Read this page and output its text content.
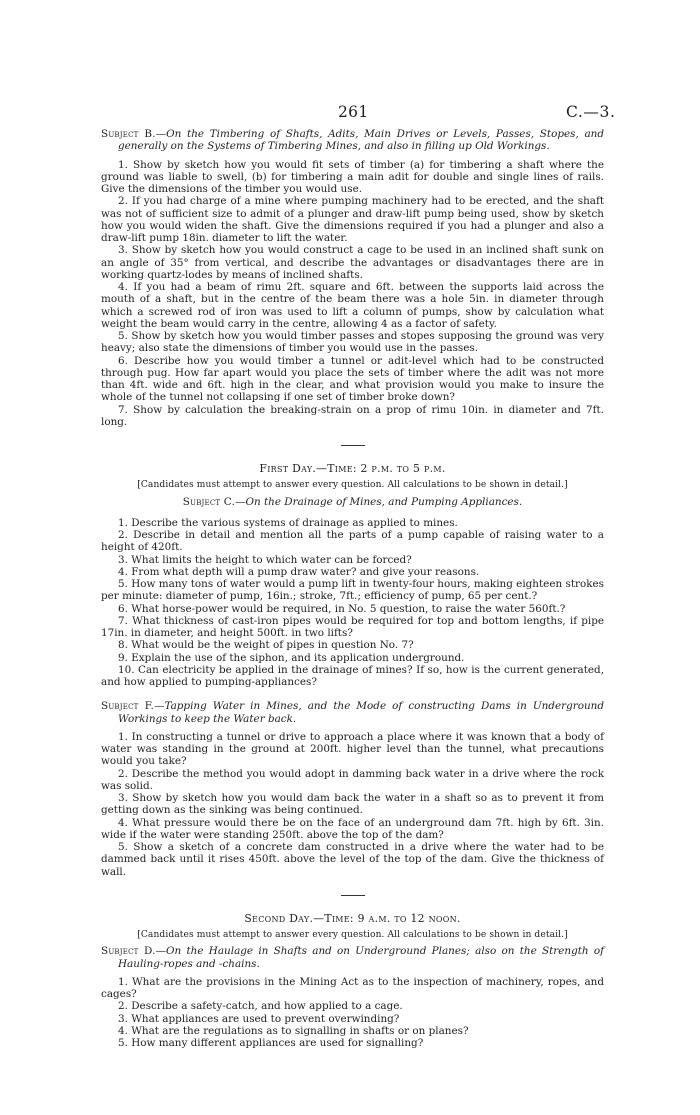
261	C.—3.

Subject B.—On the Timbering of Shafts, Adits, Main Drives or Levels, Passes, Stopes, and generally on the Systems of Timbering Mines, and also in filling up Old Workings.

1. Show by sketch how you would fit sets of timber (a) for timbering a shaft where the ground was liable to swell, (b) for timbering a main adit for double and single lines of rails. Give the dimensions of the timber you would use.

2. If you had charge of a mine where pumping machinery had to be erected, and the shaft was not of sufficient size to admit of a plunger and draw-lift pump being used, show by sketch how you would widen the shaft. Give the dimensions required if you had a plunger and also a draw-lift pump 18in. diameter to lift the water.

3. Show by sketch how you would construct a cage to be used in an inclined shaft sunk on an angle of 35° from vertical, and describe the advantages or disadvantages there are in working quartz-lodes by means of inclined shafts.

4. If you had a beam of rimu 2ft. square and 6ft. between the supports laid across the mouth of a shaft, but in the centre of the beam there was a hole 5in. in diameter through which a screwed rod of iron was used to lift a column of pumps, show by calculation what weight the beam would carry in the centre, allowing 4 as a factor of safety.

5. Show by sketch how you would timber passes and stopes supposing the ground was very heavy; also state the dimensions of timber you would use in the passes.

6. Describe how you would timber a tunnel or adit-level which had to be constructed through pug. How far apart would you place the sets of timber where the adit was not more than 4ft. wide and 6ft. high in the clear, and what provision would you make to insure the whole of the tunnel not collapsing if one set of timber broke down?

7. Show by calculation the breaking-strain on a prop of rimu 10in. in diameter and 7ft. long.

First Day.—Time: 2 p.m. to 5 p.m.

[Candidates must attempt to answer every question. All calculations to be shown in detail.]

Subject C.—On the Drainage of Mines, and Pumping Appliances.

1. Describe the various systems of drainage as applied to mines.

2. Describe in detail and mention all the parts of a pump capable of raising water to a height of 420ft.

3. What limits the height to which water can be forced?

4. From what depth will a pump draw water? and give your reasons.

5. How many tons of water would a pump lift in twenty-four hours, making eighteen strokes per minute: diameter of pump, 16in.; stroke, 7ft.; efficiency of pump, 65 per cent.?

6. What horse-power would be required, in No. 5 question, to raise the water 560ft.?

7. What thickness of cast-iron pipes would be required for top and bottom lengths, if pipe 17in. in diameter, and height 500ft. in two lifts?

8. What would be the weight of pipes in question No. 7?

9. Explain the use of the siphon, and its application underground.

10. Can electricity be applied in the drainage of mines? If so, how is the current generated, and how applied to pumping-appliances?

Subject F.—Tapping Water in Mines, and the Mode of constructing Dams in Underground Workings to keep the Water back.

1. In constructing a tunnel or drive to approach a place where it was known that a body of water was standing in the ground at 200ft. higher level than the tunnel, what precautions would you take?

2. Describe the method you would adopt in damming back water in a drive where the rock was solid.

3. Show by sketch how you would dam back the water in a shaft so as to prevent it from getting down as the sinking was being continued.

4. What pressure would there be on the face of an underground dam 7ft. high by 6ft. 3in. wide if the water were standing 250ft. above the top of the dam?

5. Show a sketch of a concrete dam constructed in a drive where the water had to be dammed back until it rises 450ft. above the level of the top of the dam. Give the thickness of wall.

Second Day.—Time: 9 a.m. to 12 noon.

[Candidates must attempt to answer every question. All calculations to be shown in detail.]

Subject D.—On the Haulage in Shafts and on Underground Planes; also on the Strength of Hauling-ropes and -chains.

1. What are the provisions in the Mining Act as to the inspection of machinery, ropes, and cages?

2. Describe a safety-catch, and how applied to a cage.

3. What appliances are used to prevent overwinding?

4. What are the regulations as to signalling in shafts or on planes?

5. How many different appliances are used for signalling?
